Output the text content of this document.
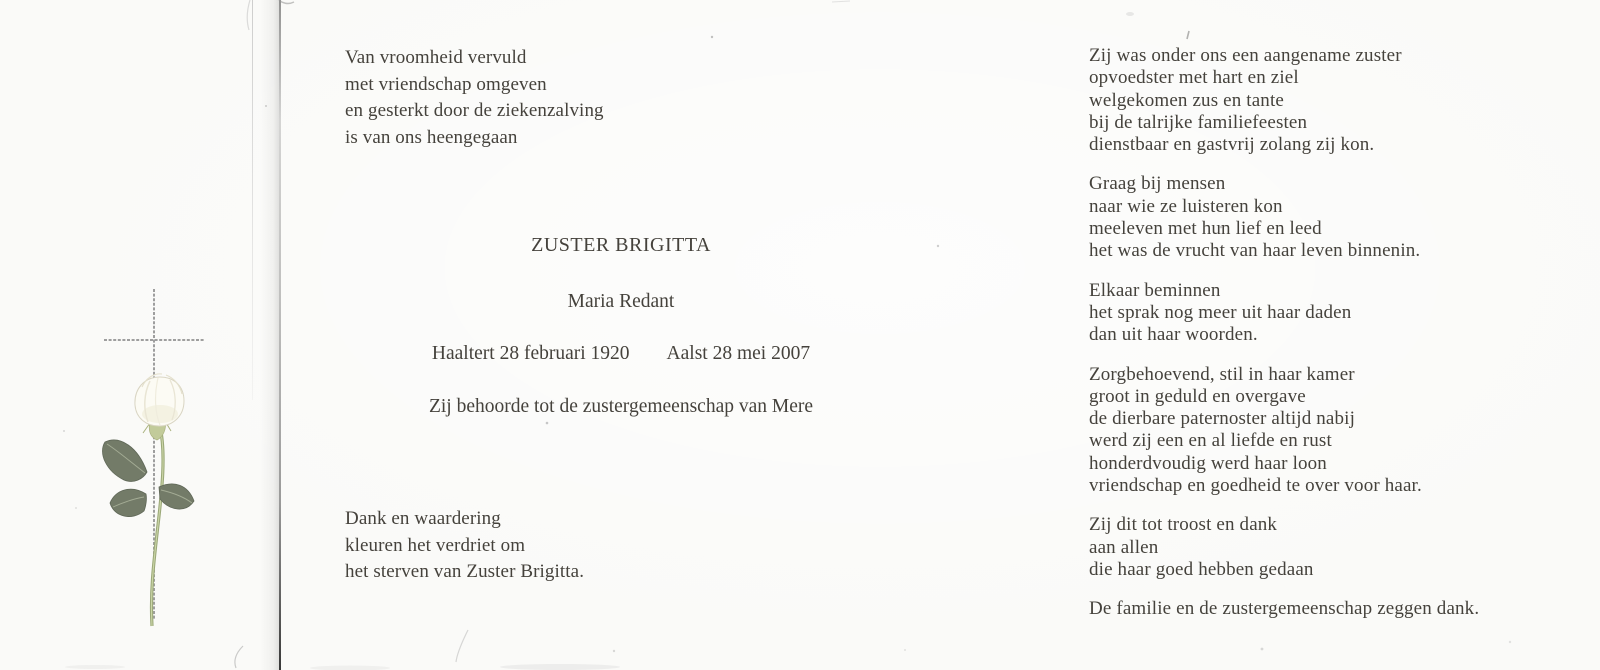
Van vroomheid vervuld
met vriendschap omgeven
en gesterkt door de ziekenzalving
is van ons heengegaan
ZUSTER BRIGITTA
Maria Redant
Haaltert 28 februari 1920 Aalst 28 mei 2007
Zij behoorde tot de zustergemeenschap van Mere
Dank en waardering
kleuren het verdriet om
het sterven van Zuster Brigitta.

Zij was onder ons een aangename zuster
opvoedster met hart en ziel
welgekomen zus en tante
bij de talrijke familiefeesten
dienstbaar en gastvrij zolang zij kon.

Graag bij mensen
naar wie ze luisteren kon
meeleven met hun lief en leed
het was de vrucht van haar leven binnenin.

Elkaar beminnen
het sprak nog meer uit haar daden
dan uit haar woorden.

Zorgbehoevend, stil in haar kamer
groot in geduld en overgave
de dierbare paternoster altijd nabij
werd zij een en al liefde en rust
honderdvoudig werd haar loon
vriendschap en goedheid te over voor haar.

Zij dit tot troost en dank
aan allen
die haar goed hebben gedaan

De familie en de zustergemeenschap zeggen dank.
